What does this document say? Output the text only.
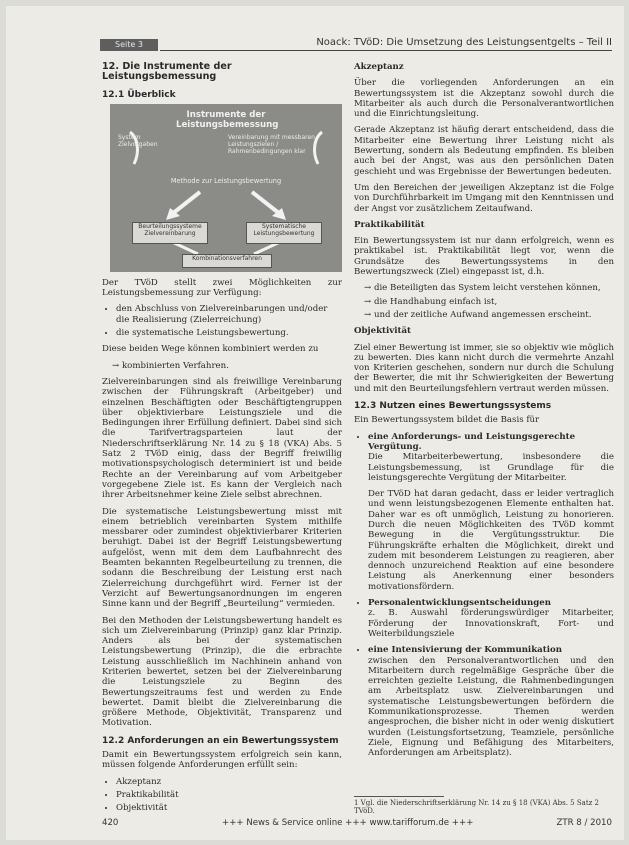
Seite 3	Noack: TVöD: Die Umsetzung des Leistungsentgelts – Teil II
12. Die Instrumente der Leistungsbemessung
12.1 Überblick
Instrumente der Leistungsbemessung
System Zielvorgaben
Vereinbarung mit messbaren Leistungszielen / Rahmenbedingungen klar
Methode zur Leistungsbewertung
Beurteilungssysteme Zielvereinbarung
Systematische Leistungsbewertung
Kombinationsverfahren

Der TVöD stellt zwei Möglichkeiten zur Leistungsbemessung zur Verfügung:

• den Abschluss von Zielvereinbarungen und/oder die Realisierung (Zielerreichung)
• die systematische Leistungsbewertung.

Diese beiden Wege können kombiniert werden zu

→ kombinierten Verfahren.

Zielvereinbarungen sind als freiwillige Vereinbarung zwischen der Führungskraft (Arbeitgeber) und einzelnen Beschäftigten oder Beschäftigtengruppen über objektivierbare Leistungsziele und die Bedingungen ihrer Erfüllung definiert. Dabei sind sich die Tarifvertragsparteien laut der Niederschriftserklärung Nr. 14 zu § 18 (VKA) Abs. 5 Satz 2 TVöD einig, dass der Begriff freiwillig motivationspsychologisch determiniert ist und beide Rechte an der Vereinbarung auf vom Arbeitgeber vorgegebene Ziele ist. Es kann der Vergleich nach ihrer Arbeitsnehmer keine Ziele selbst abrechnen.

Die systematische Leistungsbewertung misst mit einem betrieblich vereinbarten System mithilfe messbarer oder zumindest objektivierbarer Kriterien beruhigt. Dabei ist der Begriff Leistungsbewertung aufgelöst, wenn mit dem dem Laufbahnrecht des Beamten bekannten Regelbeurteilung zu trennen, die sodann die Beschreibung der Leistung erst nach Zielerreichung durchgeführt wird. Ferner ist der Verzicht auf Bewertungsanordnungen im engeren Sinne kann und der Begriff „Beurteilung“ vermieden.

Bei den Methoden der Leistungsbewertung handelt es sich um Zielvereinbarung (Prinzip) ganz klar Prinzip. Anders als bei der systematischen Leistungsbewertung (Prinzip), die die erbrachte Leistung ausschließlich im Nachhinein anhand von Kriterien bewertet, setzen bei der Zielvereinbarung die Leistungsziele zu Beginn des Bewertungszeitraums fest und werden zu Ende bewertet. Damit bleibt die Zielvereinbarung die größere Methode, Objektivität, Transparenz und Motivation.

12.2 Anforderungen an ein Bewertungssystem

Damit ein Bewertungssystem erfolgreich sein kann, müssen folgende Anforderungen erfüllt sein:

• Akzeptanz
• Praktikabilität
• Objektivität

Akzeptanz

Über die vorliegenden Anforderungen an ein Bewertungssystem ist die Akzeptanz sowohl durch die Mitarbeiter als auch durch die Personalverantwortlichen und die Einrichtungsleitung.

Gerade Akzeptanz ist häufig derart entscheidend, dass die Mitarbeiter eine Bewertung ihrer Leistung nicht als Bewertung, sondern als Bedeutung empfinden. Es bleiben auch bei der Angst, was aus den persönlichen Daten geschieht und was Ergebnisse der Bewertungen bedeuten.

Um den Bereichen der jeweiligen Akzeptanz ist die Folge von Durchführbarkeit im Umgang mit den Kenntnissen und der Angst vor zusätzlichem Zeitaufwand.

Praktikabilität

Ein Bewertungssystem ist nur dann erfolgreich, wenn es praktikabel ist. Praktikabilität liegt vor, wenn die Grundsätze des Bewertungssystems in den Bewertungszweck (Ziel) eingepasst ist, d.h.

→ die Beteiligten das System leicht verstehen können,
→ die Handhabung einfach ist,
→ und der zeitliche Aufwand angemessen erscheint.

Objektivität

Ziel einer Bewertung ist immer, sie so objektiv wie möglich zu bewerten. Dies kann nicht durch die vermehrte Anzahl von Kriterien geschehen, sondern nur durch die Schulung der Bewerter, die mit ihr Schwierigkeiten der Bewertung und mit den Beurteilungsfehlern vertraut werden müssen.

12.3 Nutzen eines Bewertungssystems

Ein Bewertungssystem bildet die Basis für

• eine Anforderungs- und Leistungsgerechte Vergütung.

Die Mitarbeiterbewertung, insbesondere die Leistungsbemessung, ist Grundlage für die leistungsgerechte Vergütung der Mitarbeiter.

Der TVöD hat daran gedacht, dass er leider vertraglich und wenn leistungsbezogenen Elemente enthalten hat. Daher war es oft unmöglich, Leistung zu honorieren. Durch die neuen Möglichkeiten des TVöD kommt Bewegung in die Vergütungsstruktur. Die Führungskräfte erhalten die Möglichkeit, direkt und zudem mit besonderem Leistungen zu reagieren, aber dennoch unzureichend Reaktion auf eine besondere Leistung als Anerkennung einer besonders motivationsfördern.

• Personalentwicklungsentscheidungen

z. B. Auswahl förderungswürdiger Mitarbeiter, Förderung der Innovationskraft, Fort- und Weiterbildungsziele

• eine Intensivierung der Kommunikation

zwischen den Personalverantwortlichen und den Mitarbeitern durch regelmäßige Gespräche über die erreichten gezielte Leistung, die Rahmenbedingungen am Arbeitsplatz usw. Zielvereinbarungen und systematische Leistungsbewertungen befördern die Kommunikationsprozesse. Themen werden angesprochen, die bisher nicht in oder wenig diskutiert wurden (Leistungsfortsetzung, Teamziele, persönliche Ziele, Eignung und Befähigung des Mitarbeiters, Anforderungen am Arbeitsplatz).

1 Vgl. die Niederschriftserklärung Nr. 14 zu § 18 (VKA) Abs. 5 Satz 2 TVöD.
420	+++ News & Service online +++ www.tarifforum.de +++	ZTR 8 / 2010
